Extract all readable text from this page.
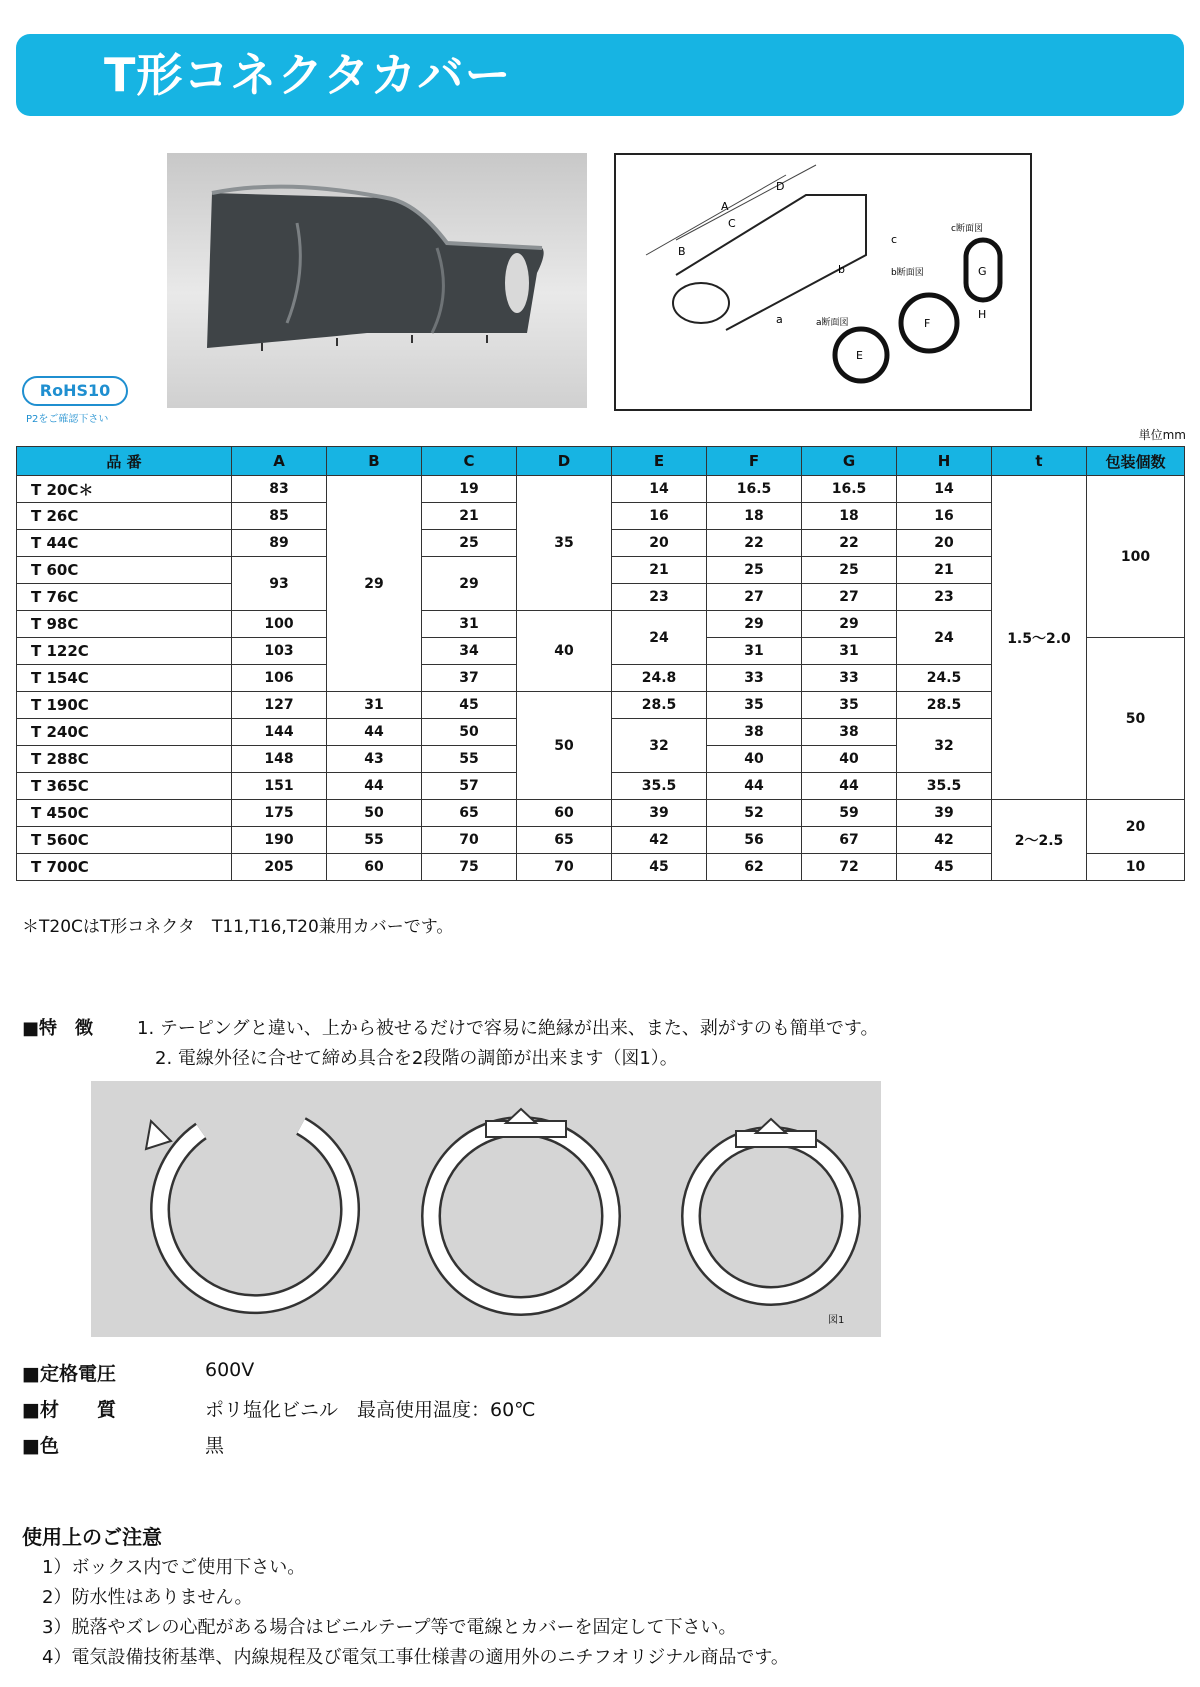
T形コネクタカバー
A
B
C
D
a
b
c
E
a断面図	F
b断面図	G
H
c断面図
RoHS10
P2をご確認下さい
単位mm
品 番	A	B	C	D	E	F	G	H	t	包装個数
T 20C＊	83	29	19	35	14	16.5	16.5	14	1.5〜2.0	100
T 26C	85		21		16	18	18	16		
T 44C	89		25		20	22	22	20		
T 60C	93		29		21	25	25	21		
T 76C					23	27	27	23		
T 98C	100		31	40	24	29	29	24		
T 122C	103		34			31	31			50
T 154C	106		37		24.8	33	33	24.5		
T 190C	127	31	45	50	28.5	35	35	28.5		
T 240C	144	44	50		32	38	38	32		
T 288C	148	43	55			40	40			
T 365C	151	44	57		35.5	44	44	35.5		
T 450C	175	50	65	60	39	52	59	39	2〜2.5	20
T 560C	190	55	70	65	42	56	67	42		
T 700C	205	60	75	70	45	62	72	45		10
＊T20CはT形コネクタ　T11,T16,T20兼用カバーです。
■特　徴 1. テーピングと違い、上から被せるだけで容易に絶縁が出来、また、剥がすのも簡単です。
2. 電線外径に合せて締め具合を2段階の調節が出来ます（図1）。
図1
■定格電圧	600V
■材　　質	ポリ塩化ビニル　最高使用温度：60℃
■色	黒
使用上のご注意
1）ボックス内でご使用下さい。
2）防水性はありません。
3）脱落やズレの心配がある場合はビニルテープ等で電線とカバーを固定して下さい。
4）電気設備技術基準、内線規程及び電気工事仕様書の適用外のニチフオリジナル商品です。
